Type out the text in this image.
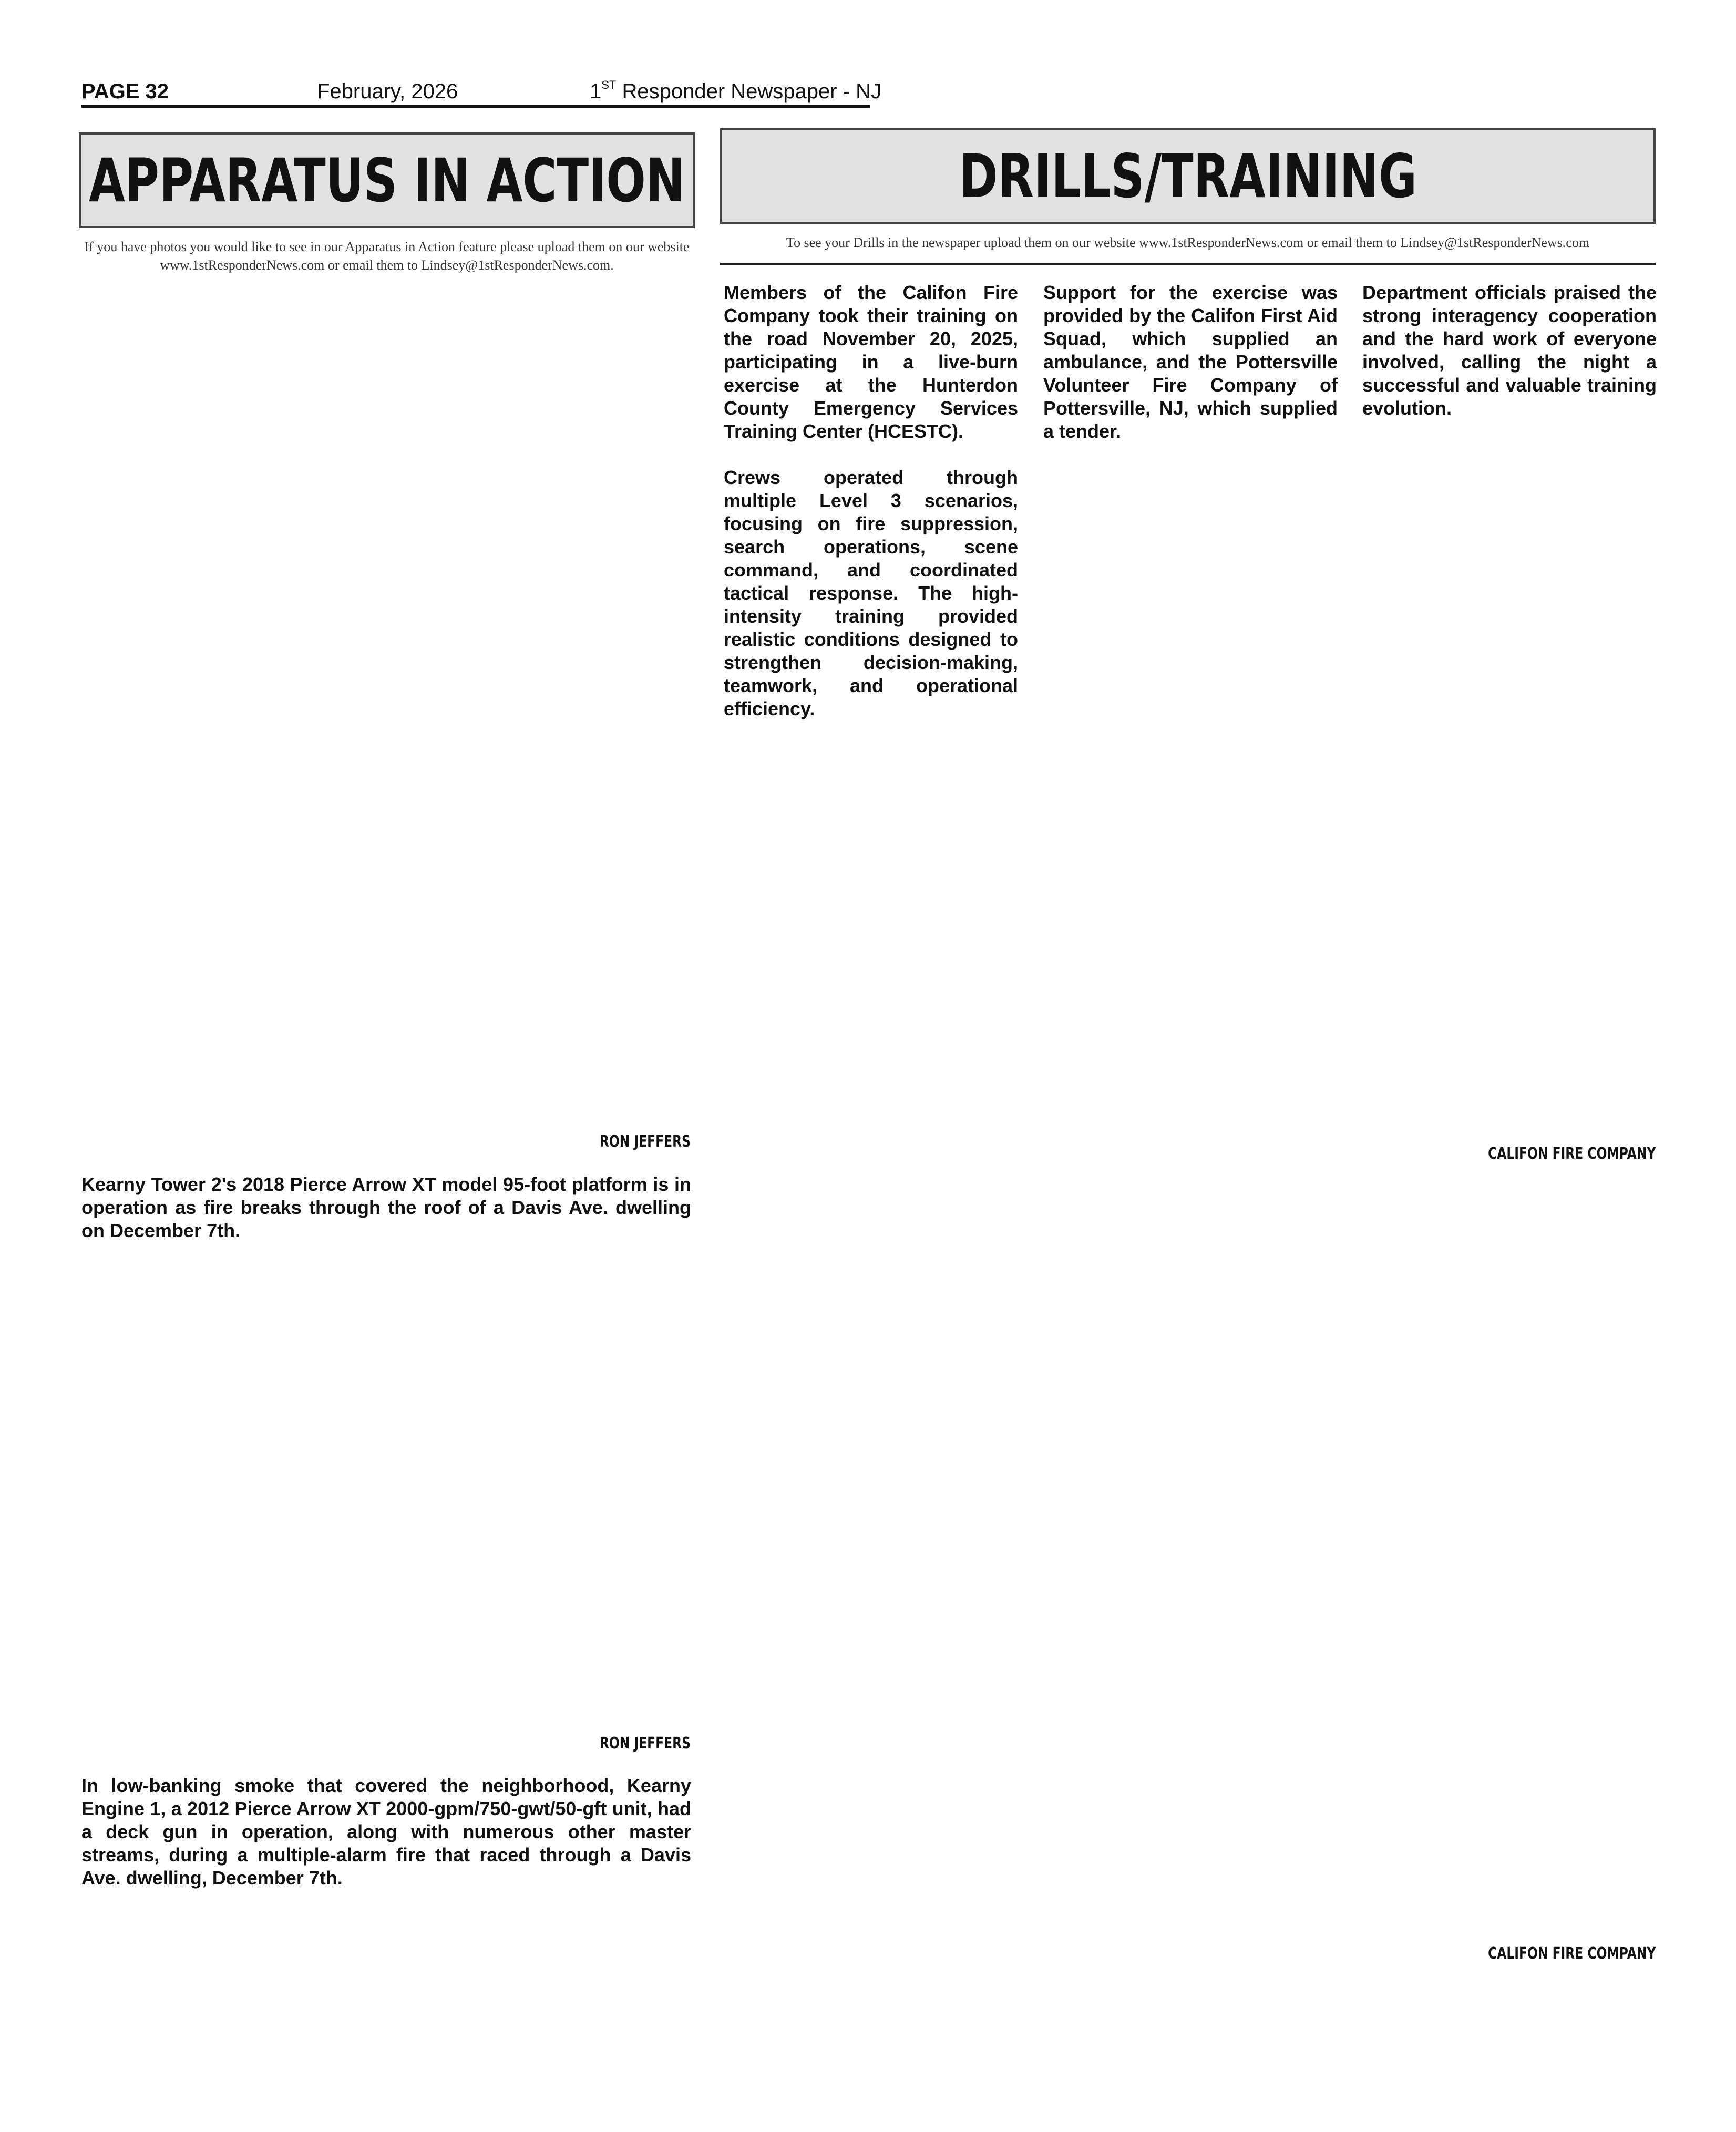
PAGE 32	February, 2026	1ST Responder Newspaper - NJ
APPARATUS IN ACTION
If you have photos you would like to see in our Apparatus in Action feature please upload them on our website www.1stResponderNews.com or email them to Lindsey@1stResponderNews.com.
RON JEFFERS
Kearny Tower 2's 2018 Pierce Arrow XT model 95-foot platform is in operation as fire breaks through the roof of a Davis Ave. dwelling on December 7th.
RON JEFFERS
In low-banking smoke that covered the neighborhood, Kearny Engine 1, a 2012 Pierce Arrow XT 2000-gpm/750-gwt/50-gft unit, had a deck gun in operation, along with numerous other master streams, during a multiple-alarm fire that raced through a Davis Ave. dwelling, December 7th.
DRILLS/TRAINING
To see your Drills in the newspaper upload them on our website www.1stResponderNews.com or email them to Lindsey@1stResponderNews.com

Members of the Califon Fire Company took their training on the road November 20, 2025, participating in a live-burn exercise at the Hunterdon County Emergency Services Training Center (HCESTC).

Crews operated through multiple Level 3 scenarios, focusing on fire suppression, search operations, scene command, and coordinated tactical response. The high-intensity training provided realistic conditions designed to strengthen decision-making, teamwork, and operational efficiency.

Support for the exercise was provided by the Califon First Aid Squad, which supplied an ambulance, and the Pottersville Volunteer Fire Company of Pottersville, NJ, which supplied a tender.

Department officials praised the strong interagency cooperation and the hard work of everyone involved, calling the night a successful and valuable training evolution.

CALIFON FIRE COMPANY
CALIFON FIRE COMPANY
